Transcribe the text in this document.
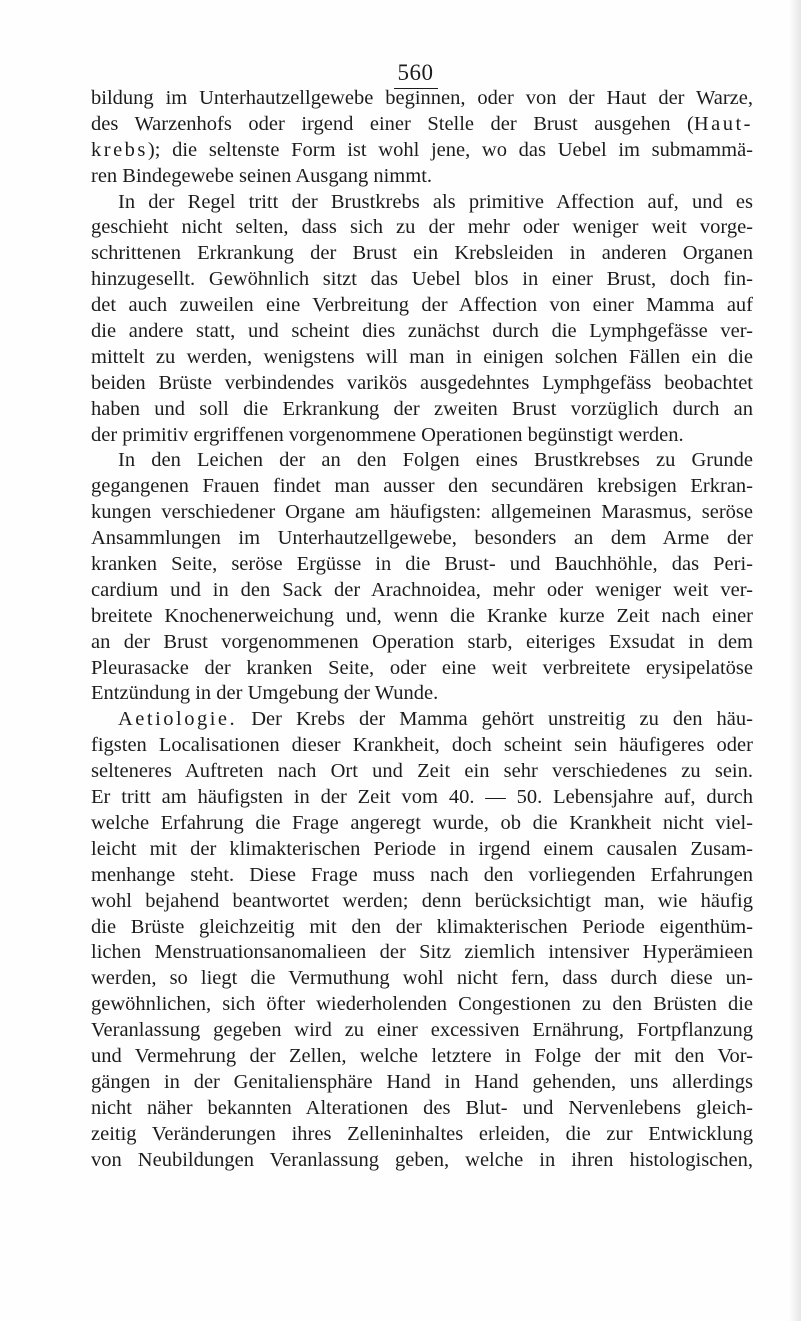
560
bildung im Unterhautzellgewebe beginnen, oder von der Haut der Warze,
des Warzenhofs oder irgend einer Stelle der Brust ausgehen (Haut-
krebs); die seltenste Form ist wohl jene, wo das Uebel im submammä-
ren Bindegewebe seinen Ausgang nimmt.
In der Regel tritt der Brustkrebs als primitive Affection auf, und es
geschieht nicht selten, dass sich zu der mehr oder weniger weit vorge-
schrittenen Erkrankung der Brust ein Krebsleiden in anderen Organen
hinzugesellt. Gewöhnlich sitzt das Uebel blos in einer Brust, doch fin-
det auch zuweilen eine Verbreitung der Affection von einer Mamma auf
die andere statt, und scheint dies zunächst durch die Lymphgefässe ver-
mittelt zu werden, wenigstens will man in einigen solchen Fällen ein die
beiden Brüste verbindendes varikös ausgedehntes Lymphgefäss beobachtet
haben und soll die Erkrankung der zweiten Brust vorzüglich durch an
der primitiv ergriffenen vorgenommene Operationen begünstigt werden.
In den Leichen der an den Folgen eines Brustkrebses zu Grunde
gegangenen Frauen findet man ausser den secundären krebsigen Erkran-
kungen verschiedener Organe am häufigsten: allgemeinen Marasmus, seröse
Ansammlungen im Unterhautzellgewebe, besonders an dem Arme der
kranken Seite, seröse Ergüsse in die Brust- und Bauchhöhle, das Peri-
cardium und in den Sack der Arachnoidea, mehr oder weniger weit ver-
breitete Knochenerweichung und, wenn die Kranke kurze Zeit nach einer
an der Brust vorgenommenen Operation starb, eiteriges Exsudat in dem
Pleurasacke der kranken Seite, oder eine weit verbreitete erysipelatöse
Entzündung in der Umgebung der Wunde.
Aetiologie. Der Krebs der Mamma gehört unstreitig zu den häu-
figsten Localisationen dieser Krankheit, doch scheint sein häufigeres oder
selteneres Auftreten nach Ort und Zeit ein sehr verschiedenes zu sein.
Er tritt am häufigsten in der Zeit vom 40. — 50. Lebensjahre auf, durch
welche Erfahrung die Frage angeregt wurde, ob die Krankheit nicht viel-
leicht mit der klimakterischen Periode in irgend einem causalen Zusam-
menhange steht. Diese Frage muss nach den vorliegenden Erfahrungen
wohl bejahend beantwortet werden; denn berücksichtigt man, wie häufig
die Brüste gleichzeitig mit den der klimakterischen Periode eigenthüm-
lichen Menstruationsanomalieen der Sitz ziemlich intensiver Hyperämieen
werden, so liegt die Vermuthung wohl nicht fern, dass durch diese un-
gewöhnlichen, sich öfter wiederholenden Congestionen zu den Brüsten die
Veranlassung gegeben wird zu einer excessiven Ernährung, Fortpflanzung
und Vermehrung der Zellen, welche letztere in Folge der mit den Vor-
gängen in der Genitaliensphäre Hand in Hand gehenden, uns allerdings
nicht näher bekannten Alterationen des Blut- und Nervenlebens gleich-
zeitig Veränderungen ihres Zelleninhaltes erleiden, die zur Entwicklung
von Neubildungen Veranlassung geben, welche in ihren histologischen,
